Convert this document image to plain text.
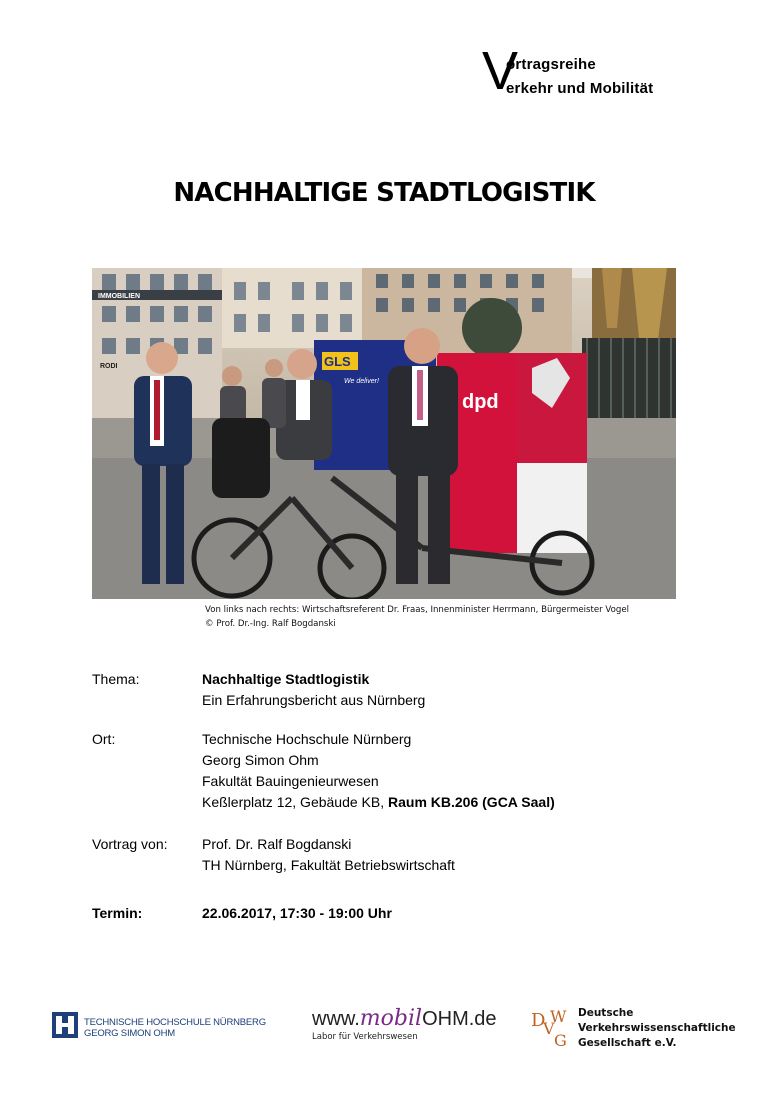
V
ortragsreihe
erkehr und Mobilität
NACHHALTIGE STADTLOGISTIK
IMMOBILIEN
RODI	GLS
We deliver!
dpd
Von links nach rechts: Wirtschaftsreferent Dr. Fraas, Innenminister Herrmann, Bürgermeister Vogel
© Prof. Dr.-Ing. Ralf Bogdanski
Thema:	Nachhaltige Stadtlogistik
Ein Erfahrungsbericht aus Nürnberg
Ort:	Technische Hochschule Nürnberg
Georg Simon Ohm
Fakultät Bauingenieurwesen
Keßlerplatz 12, Gebäude KB, Raum KB.206 (GCA Saal)
Vortrag von: Prof. Dr. Ralf Bogdanski
TH Nürnberg, Fakultät Betriebswirtschaft
Termin:	22.06.2017, 17:30 - 19:00 Uhr
TECHNISCHE HOCHSCHULE NÜRNBERG
GEORG SIMON OHM
www.mobilOHM.de
Labor für Verkehrswesen
D
V
W
G
Deutsche
Verkehrswissenschaftliche
Gesellschaft e.V.
